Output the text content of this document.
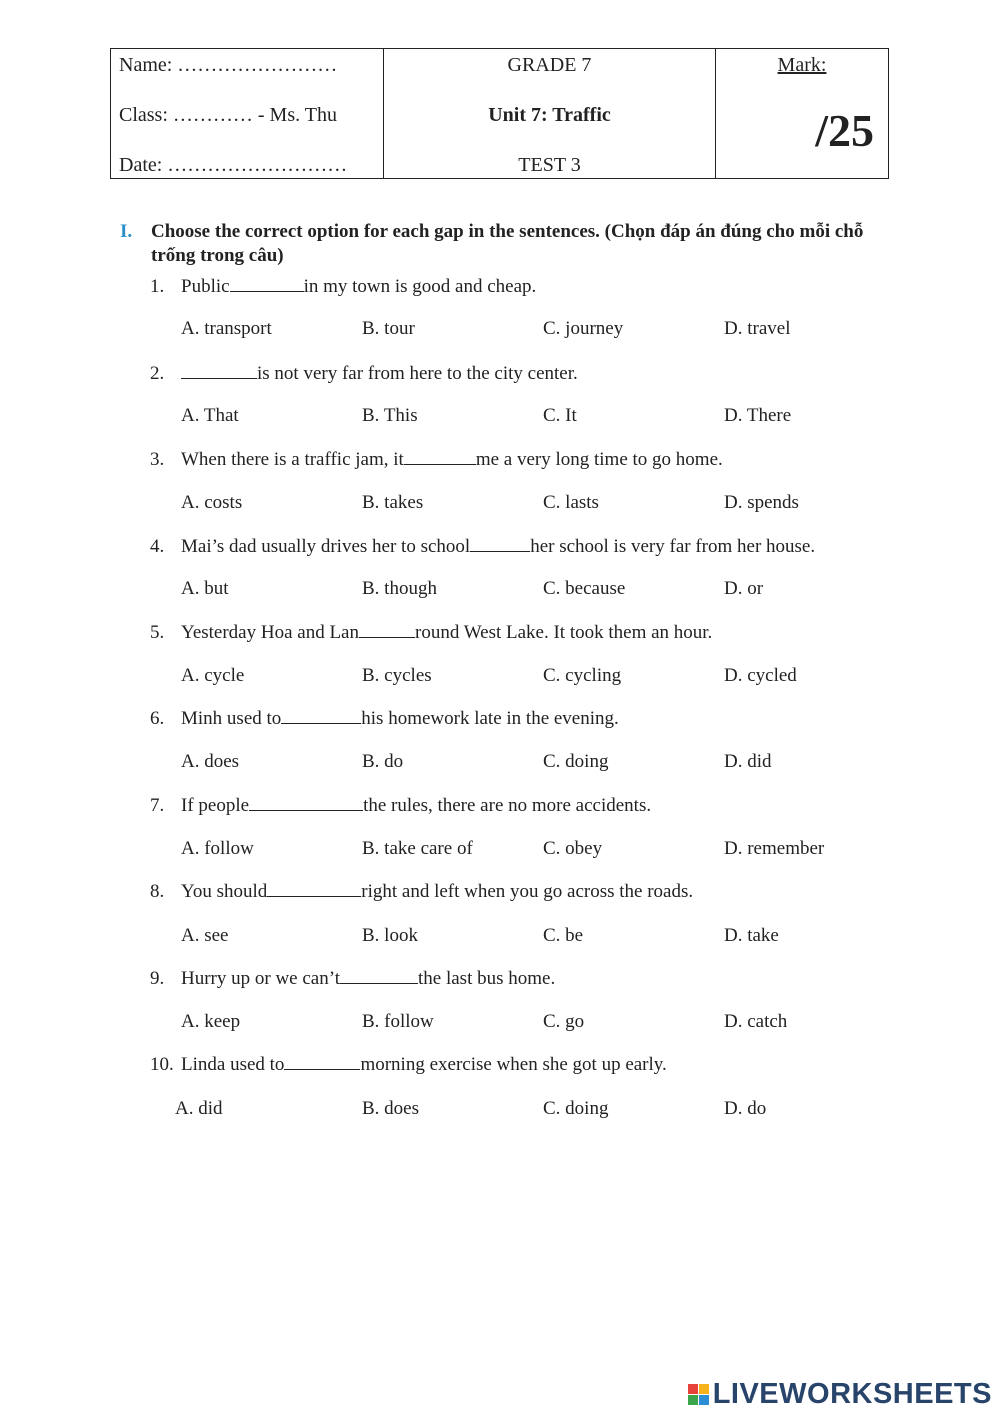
Name: ……………………
Class: ………… - Ms. Thu
Date: ………………………
GRADE 7
Unit 7: Traffic
TEST 3
Mark:
/25
I. Choose the correct option for each gap in the sentences. (Chọn đáp án đúng cho mỗi chỗ trống trong câu)
1. Public	in my town is good and cheap.
A. transport	B. tour	C. journey	D. travel
2.	is not very far from here to the city center.
A. That	B. This	C. It	D. There
3. When there is a traffic jam, it	me a very long time to go home.
A. costs	B. takes	C. lasts	D. spends
4. Mai’s dad usually drives her to school	her school is very far from her house.
A. but	B. though	C. because	D. or
5. Yesterday Hoa and Lan	round West Lake. It took them an hour.
A. cycle	B. cycles	C. cycling	D. cycled
6. Minh used to	his homework late in the evening.
A. does	B. do	C. doing	D. did
7. If people	the rules, there are no more accidents.
A. follow	B. take care of	C. obey	D. remember
8. You should	right and left when you go across the roads.
A. see	B. look	C. be	D. take
9. Hurry up or we can’t	the last bus home.
A. keep	B. follow	C. go	D. catch
10. Linda used to	morning exercise when she got up early.
A. did	B. does	C. doing	D. do
LIVEWORKSHEETS
